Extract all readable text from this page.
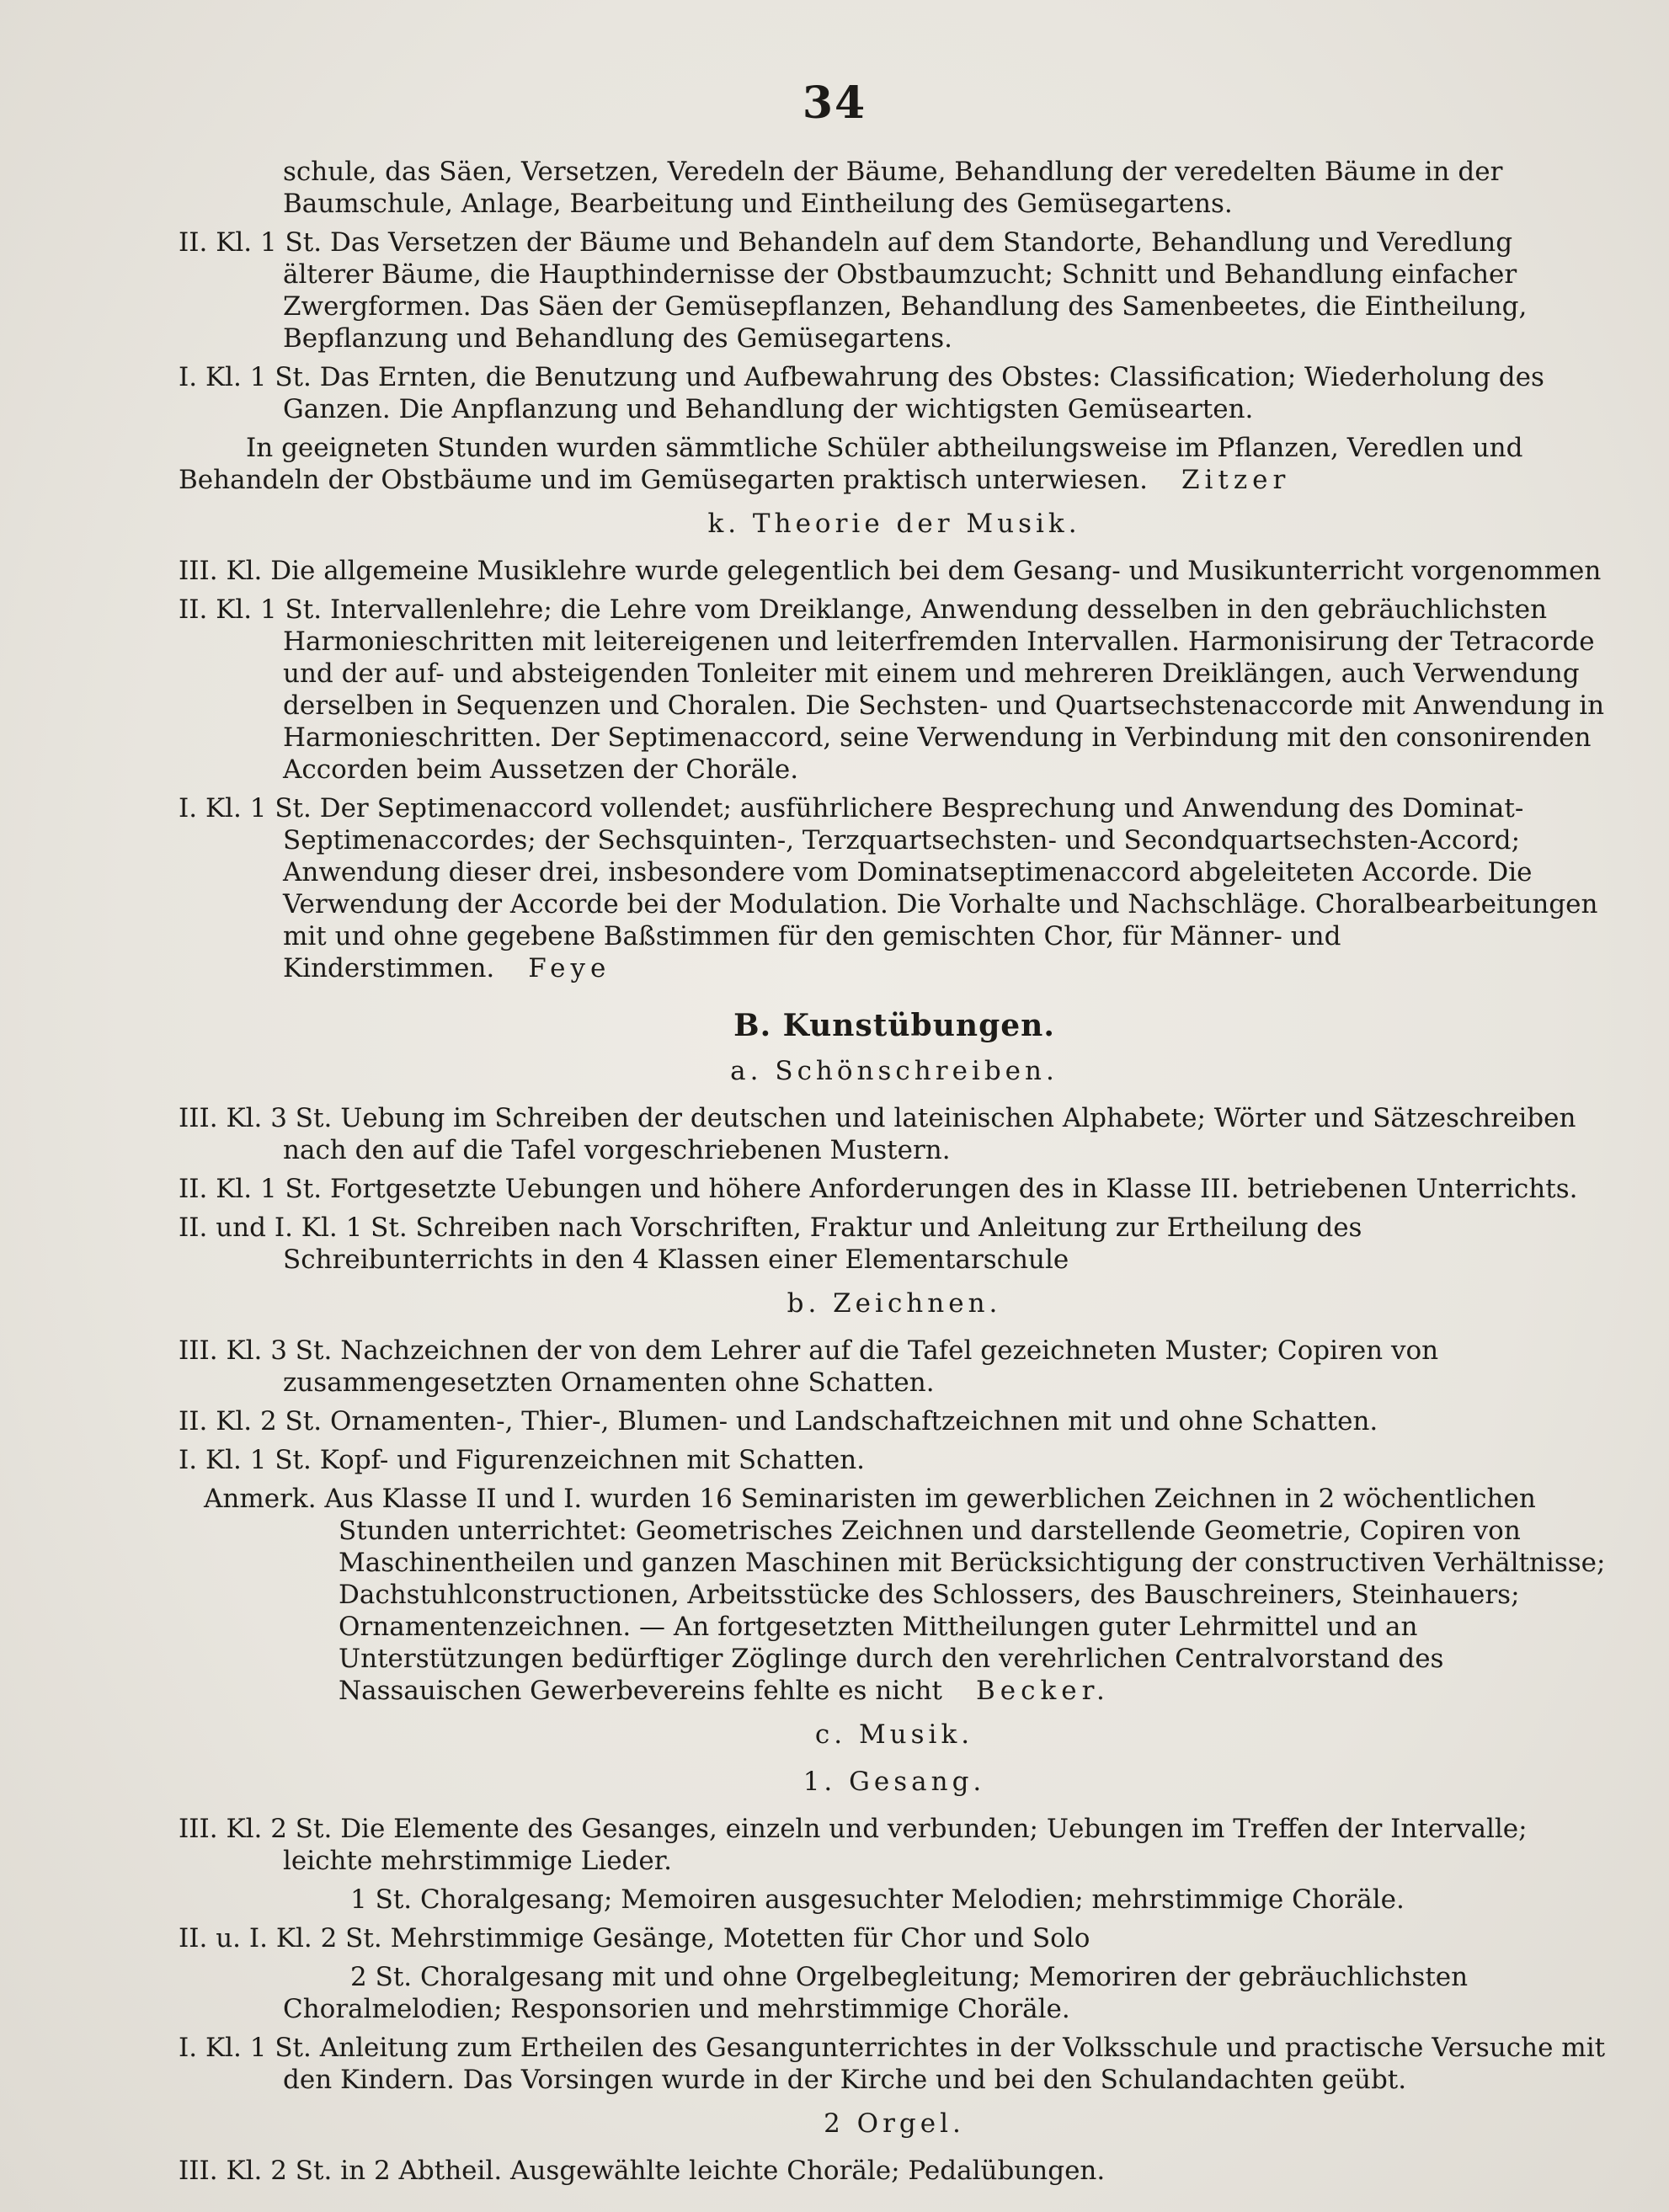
34
schule, das Säen, Versetzen, Veredeln der Bäume, Behandlung der veredelten Bäume in der Baumschule, Anlage, Bearbeitung und Eintheilung des Gemüsegartens.
II. Kl. 1 St. Das Versetzen der Bäume und Behandeln auf dem Standorte, Behandlung und Veredlung älterer Bäume, die Haupthindernisse der Obstbaumzucht; Schnitt und Behandlung einfacher Zwergformen. Das Säen der Gemüsepflanzen, Behandlung des Samenbeetes, die Eintheilung, Bepflanzung und Behandlung des Gemüsegartens.
I. Kl. 1 St. Das Ernten, die Benutzung und Aufbewahrung des Obstes: Classification; Wiederholung des Ganzen. Die Anpflanzung und Behandlung der wichtigsten Gemüsearten.
In geeigneten Stunden wurden sämmtliche Schüler abtheilungsweise im Pflanzen, Veredlen und Behandeln der Obstbäume und im Gemüsegarten praktisch unterwiesen. Zitzer
k. Theorie der Musik.
III. Kl. Die allgemeine Musiklehre wurde gelegentlich bei dem Gesang- und Musikunterricht vorgenommen
II. Kl. 1 St. Intervallenlehre; die Lehre vom Dreiklange, Anwendung desselben in den gebräuchlichsten Harmonieschritten mit leitereigenen und leiterfremden Intervallen. Harmonisirung der Tetracorde und der auf- und absteigenden Tonleiter mit einem und mehreren Dreiklängen, auch Verwendung derselben in Sequenzen und Choralen. Die Sechsten- und Quartsechstenaccorde mit Anwendung in Harmonieschritten. Der Septimenaccord, seine Verwendung in Verbindung mit den consonirenden Accorden beim Aussetzen der Choräle.
I. Kl. 1 St. Der Septimenaccord vollendet; ausführlichere Besprechung und Anwendung des Dominat-Septimenaccordes; der Sechsquinten-, Terzquartsechsten- und Secondquartsechsten-Accord; Anwendung dieser drei, insbesondere vom Dominatseptimenaccord abgeleiteten Accorde. Die Verwendung der Accorde bei der Modulation. Die Vorhalte und Nachschläge. Choralbearbeitungen mit und ohne gegebene Baßstimmen für den gemischten Chor, für Männer- und Kinderstimmen. Feye
B. Kunstübungen.
a. Schönschreiben.
III. Kl. 3 St. Uebung im Schreiben der deutschen und lateinischen Alphabete; Wörter und Sätzeschreiben nach den auf die Tafel vorgeschriebenen Mustern.
II. Kl. 1 St. Fortgesetzte Uebungen und höhere Anforderungen des in Klasse III. betriebenen Unterrichts.
II. und I. Kl. 1 St. Schreiben nach Vorschriften, Fraktur und Anleitung zur Ertheilung des Schreibunterrichts in den 4 Klassen einer Elementarschule
b. Zeichnen.
III. Kl. 3 St. Nachzeichnen der von dem Lehrer auf die Tafel gezeichneten Muster; Copiren von zusammengesetzten Ornamenten ohne Schatten.
II. Kl. 2 St. Ornamenten-, Thier-, Blumen- und Landschaftzeichnen mit und ohne Schatten.
I. Kl. 1 St. Kopf- und Figurenzeichnen mit Schatten.
Anmerk. Aus Klasse II und I. wurden 16 Seminaristen im gewerblichen Zeichnen in 2 wöchentlichen Stunden unterrichtet: Geometrisches Zeichnen und darstellende Geometrie, Copiren von Maschinentheilen und ganzen Maschinen mit Berücksichtigung der constructiven Verhältnisse; Dachstuhlconstructionen, Arbeitsstücke des Schlossers, des Bauschreiners, Steinhauers; Ornamentenzeichnen. — An fortgesetzten Mittheilungen guter Lehrmittel und an Unterstützungen bedürftiger Zöglinge durch den verehrlichen Centralvorstand des Nassauischen Gewerbevereins fehlte es nicht Becker.
c. Musik.
1. Gesang.
III. Kl. 2 St. Die Elemente des Gesanges, einzeln und verbunden; Uebungen im Treffen der Intervalle; leichte mehrstimmige Lieder.
1 St. Choralgesang; Memoiren ausgesuchter Melodien; mehrstimmige Choräle.
II. u. I. Kl. 2 St. Mehrstimmige Gesänge, Motetten für Chor und Solo
2 St. Choralgesang mit und ohne Orgelbegleitung; Memoriren der gebräuchlichsten Choralmelodien; Responsorien und mehrstimmige Choräle.
I. Kl. 1 St. Anleitung zum Ertheilen des Gesangunterrichtes in der Volksschule und practische Versuche mit den Kindern. Das Vorsingen wurde in der Kirche und bei den Schulandachten geübt.
2 Orgel.
III. Kl. 2 St. in 2 Abtheil. Ausgewählte leichte Choräle; Pedalübungen.
